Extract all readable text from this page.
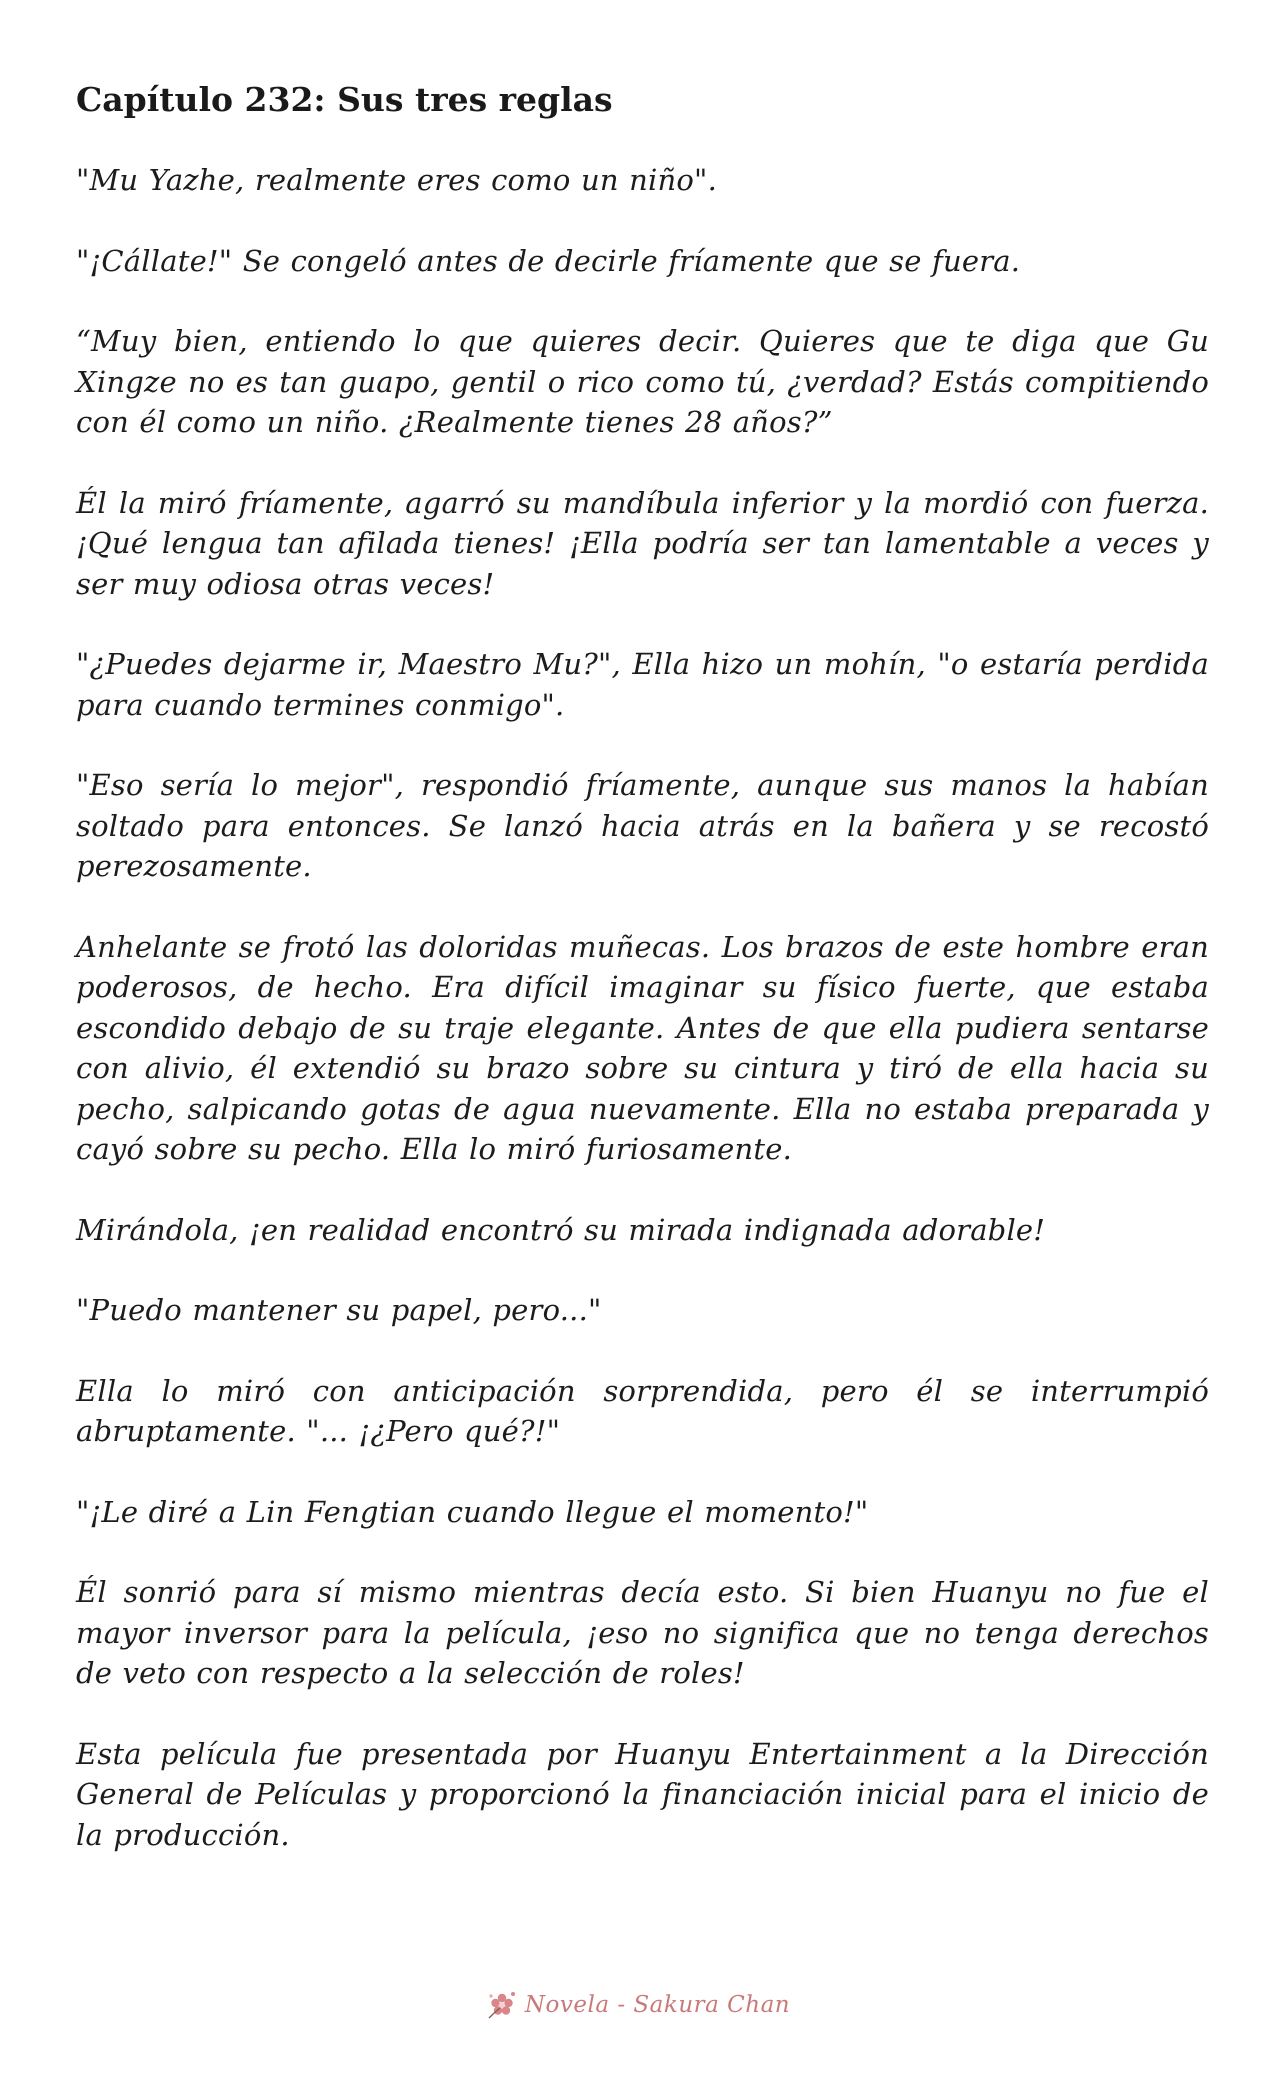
Capítulo 232: Sus tres reglas

"Mu Yazhe, realmente eres como un niño".

"¡Cállate!" Se congeló antes de decirle fríamente que se fuera.

“Muy bien, entiendo lo que quieres decir. Quieres que te diga que Gu Xingze no es tan guapo, gentil o rico como tú, ¿verdad? Estás compitiendo con él como un niño. ¿Realmente tienes 28 años?”

Él la miró fríamente, agarró su mandíbula inferior y la mordió con fuerza. ¡Qué lengua tan afilada tienes! ¡Ella podría ser tan lamentable a veces y ser muy odiosa otras veces!

"¿Puedes dejarme ir, Maestro Mu?", Ella hizo un mohín, "o estaría perdida para cuando termines conmigo".

"Eso sería lo mejor", respondió fríamente, aunque sus manos la habían soltado para entonces. Se lanzó hacia atrás en la bañera y se recostó perezosamente.

Anhelante se frotó las doloridas muñecas. Los brazos de este hombre eran poderosos, de hecho. Era difícil imaginar su físico fuerte, que estaba escondido debajo de su traje elegante. Antes de que ella pudiera sentarse con alivio, él extendió su brazo sobre su cintura y tiró de ella hacia su pecho, salpicando gotas de agua nuevamente. Ella no estaba preparada y cayó sobre su pecho. Ella lo miró furiosamente.

Mirándola, ¡en realidad encontró su mirada indignada adorable!

"Puedo mantener su papel, pero..."

Ella lo miró con anticipación sorprendida, pero él se interrumpió abruptamente. "... ¡¿Pero qué?!"

"¡Le diré a Lin Fengtian cuando llegue el momento!"

Él sonrió para sí mismo mientras decía esto. Si bien Huanyu no fue el mayor inversor para la película, ¡eso no significa que no tenga derechos de veto con respecto a la selección de roles!

Esta película fue presentada por Huanyu Entertainment a la Dirección General de Películas y proporcionó la financiación inicial para el inicio de la producción.

Novela - Sakura Chan
